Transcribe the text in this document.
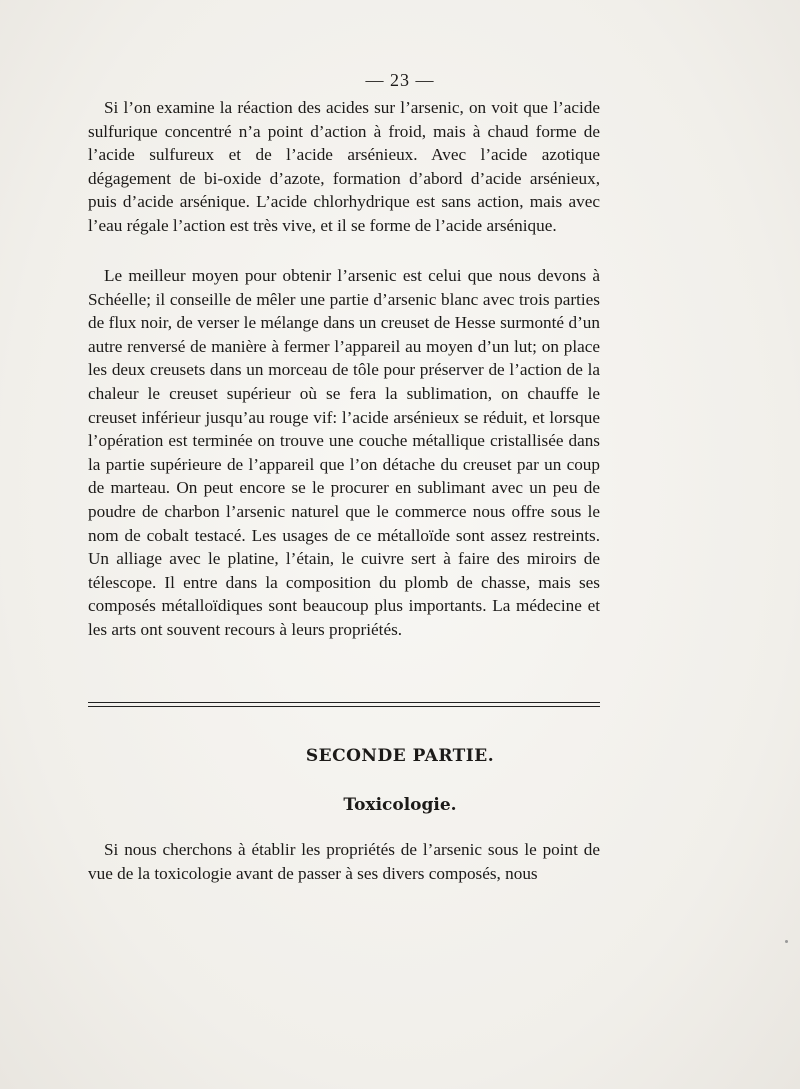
— 23 —

Si l’on examine la réaction des acides sur l’arsenic, on voit que l’acide sulfurique concentré n’a point d’action à froid, mais à chaud forme de l’acide sulfureux et de l’acide arsénieux. Avec l’acide azotique dégagement de bi-oxide d’azote, formation d’abord d’acide arsénieux, puis d’acide arsénique. L’acide chlorhydrique est sans action, mais avec l’eau régale l’action est très vive, et il se forme de l’acide arsénique.

Le meilleur moyen pour obtenir l’arsenic est celui que nous devons à Schéelle; il conseille de mêler une partie d’arsenic blanc avec trois parties de flux noir, de verser le mélange dans un creuset de Hesse surmonté d’un autre renversé de manière à fermer l’appareil au moyen d’un lut; on place les deux creusets dans un morceau de tôle pour préserver de l’action de la chaleur le creuset supérieur où se fera la sublimation, on chauffe le creuset inférieur jusqu’au rouge vif: l’acide arsénieux se réduit, et lorsque l’opération est terminée on trouve une couche métallique cristallisée dans la partie supérieure de l’appareil que l’on détache du creuset par un coup de marteau. On peut encore se le procurer en sublimant avec un peu de poudre de charbon l’arsenic naturel que le commerce nous offre sous le nom de cobalt testacé. Les usages de ce métalloïde sont assez restreints. Un alliage avec le platine, l’étain, le cuivre sert à faire des miroirs de télescope. Il entre dans la composition du plomb de chasse, mais ses composés métalloïdiques sont beaucoup plus importants. La médecine et les arts ont souvent recours à leurs propriétés.

SECONDE PARTIE.
Toxicologie.

Si nous cherchons à établir les propriétés de l’arsenic sous le point de vue de la toxicologie avant de passer à ses divers composés, nous
